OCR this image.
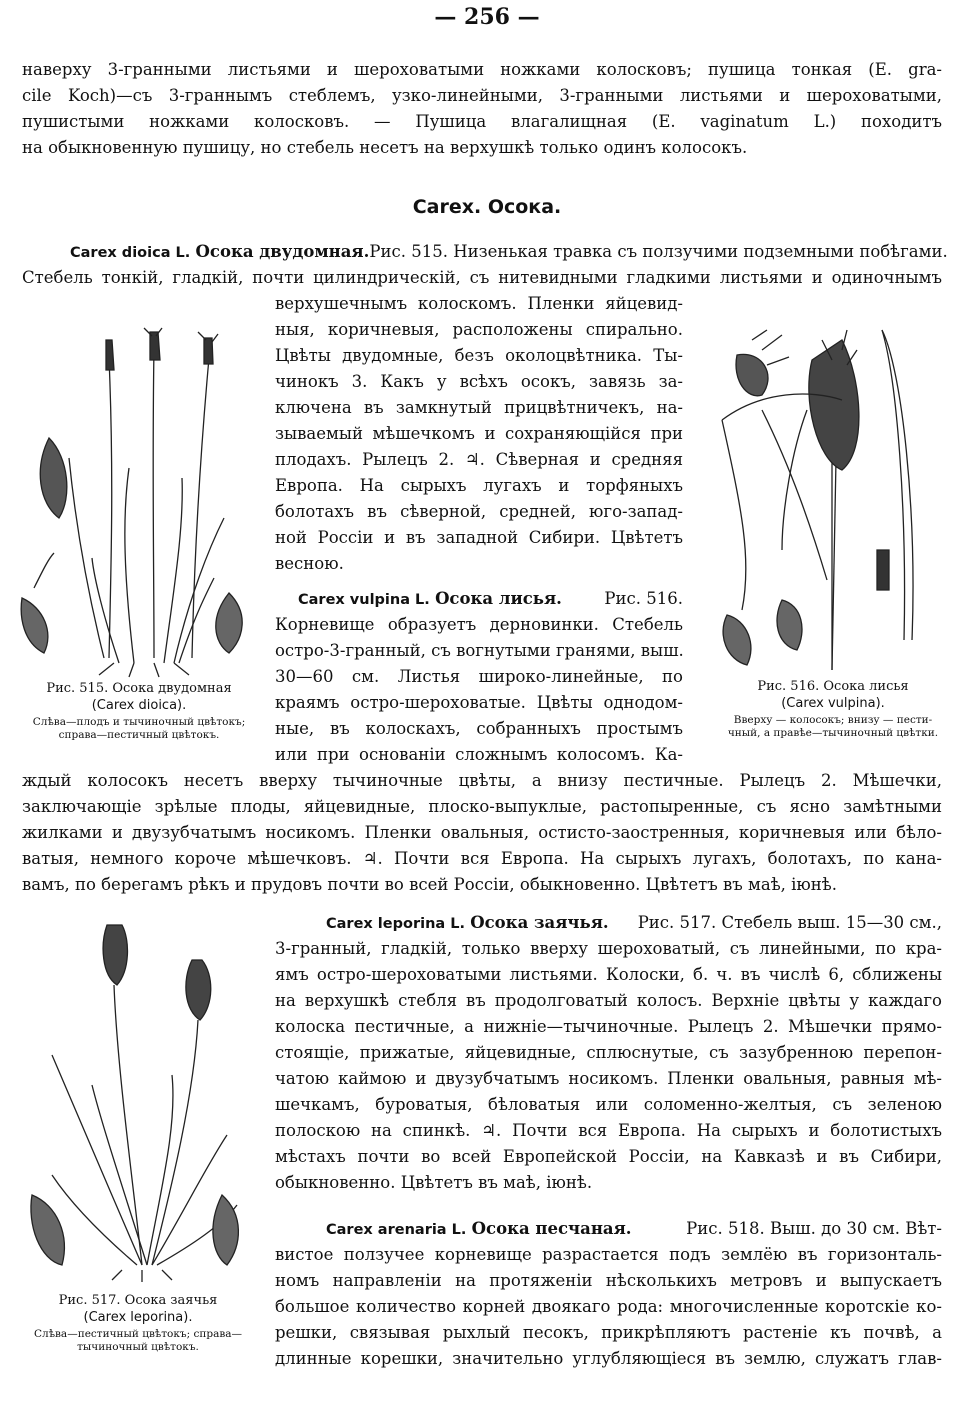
— 256 —
наверху 3-гранными листьями и шероховатыми ножками колосковъ; пушица тонкая (E. gra-
cile Koch)—съ 3-граннымъ стеблемъ, узко-линейными, 3-гранными листьями и шероховатыми,
пушистыми ножками колосковъ. — Пушица влагалищная (E. vaginatum L.) походитъ
на обыкновенную пушицу, но стебель несетъ на верхушкѣ только одинъ колосокъ.
Carex. Осока.
Carex dioica L. Осока двудомная. Рис. 515. Низенькая травка съ ползучими подземными побѣгами.
Стебель тонкій, гладкій, почти цилиндрическій, съ нитевидными гладкими листьями и одиночнымъ
верхушечнымъ колоскомъ. Пленки яйцевид-
ныя, коричневыя, расположены спирально.
Цвѣты двудомные, безъ околоцвѣтника. Ты-
чинокъ 3. Какъ у всѣхъ осокъ, завязь за-
ключена въ замкнутый прицвѣтничекъ, на-
зываемый мѣшечкомъ и сохраняющійся при
плодахъ. Рылецъ 2. ♃. Сѣверная и средняя
Европа. На сырыхъ лугахъ и торфяныхъ
болотахъ въ сѣверной, средней, юго-запад-
ной Россіи и въ западной Сибири. Цвѣтетъ
весною.
Carex vulpina L. Осока лисья.	Рис. 516.
Корневище образуетъ дерновинки. Стебель
остро-3-гранный, съ вогнутыми гранями, выш.
30—60 см. Листья широко-линейные, по
краямъ остро-шероховатые. Цвѣты однодом-
ные, въ колоскахъ, собранныхъ простымъ
или при основаніи сложнымъ колосомъ. Ка-
ждый колосокъ несетъ вверху тычиночные цвѣты, а внизу пестичные. Рылецъ 2. Мѣшечки,
заключающіе зрѣлые плоды, яйцевидные, плоско-выпуклые, растопыренные, съ ясно замѣтными
жилками и двузубчатымъ носикомъ. Пленки овальныя, остисто-заостренныя, коричневыя или бѣло-
ватыя, немного короче мѣшечковъ. ♃. Почти вся Европа. На сырыхъ лугахъ, болотахъ, по кана-
вамъ, по берегамъ рѣкъ и прудовъ почти во всей Россіи, обыкновенно. Цвѣтетъ въ маѣ, іюнѣ.
Carex leporina L. Осока заячья. Рис. 517. Стебель выш. 15—30 см.,
3-гранный, гладкій, только вверху шероховатый, съ линейными, по кра-
ямъ остро-шероховатыми листьями. Колоски, б. ч. въ числѣ 6, сближены
на верхушкѣ стебля въ продолговатый колосъ. Верхніе цвѣты у каждаго
колоска пестичные, а нижніе—тычиночные. Рылецъ 2. Мѣшечки прямо-
стоящіе, прижатые, яйцевидные, сплюснутые, съ зазубренною перепон-
чатою каймою и двузубчатымъ носикомъ. Пленки овальныя, равныя мѣ-
шечкамъ, буроватыя, бѣловатыя или соломенно-желтыя, съ зеленою
полоскою на спинкѣ. ♃. Почти вся Европа. На сырыхъ и болотистыхъ
мѣстахъ почти во всей Европейской Россіи, на Кавказѣ и въ Сибири,
обыкновенно. Цвѣтетъ въ маѣ, іюнѣ.
Carex arenaria L. Осока песчаная.	Рис. 518. Выш. до 30 см. Вѣт-
вистое ползучее корневище разрастается подъ землёю въ горизонталь-
номъ направленіи на протяженіи нѣсколькихъ метровъ и выпускаетъ
большое количество корней двоякаго рода: многочисленные коротскіе ко-
решки, связывая рыхлый песокъ, прикрѣпляютъ растеніе къ почвѣ, а
длинные корешки, значительно углубляющіеся въ землю, служатъ глав-
Рис. 515. Осока двудомная
(Carex dioica).
Слѣва—плодъ и тычиночный цвѣтокъ;
справа—пестичный цвѣтокъ.
Рис. 516. Осока лисья
(Carex vulpina).
Вверху — колосокъ; внизу — пести-
чный, а правѣе—тычиночный цвѣтки.
Рис. 517. Осока заячья
(Carex leporina).
Слѣва—пестичный цвѣтокъ; справа—
тычиночный цвѣтокъ.
